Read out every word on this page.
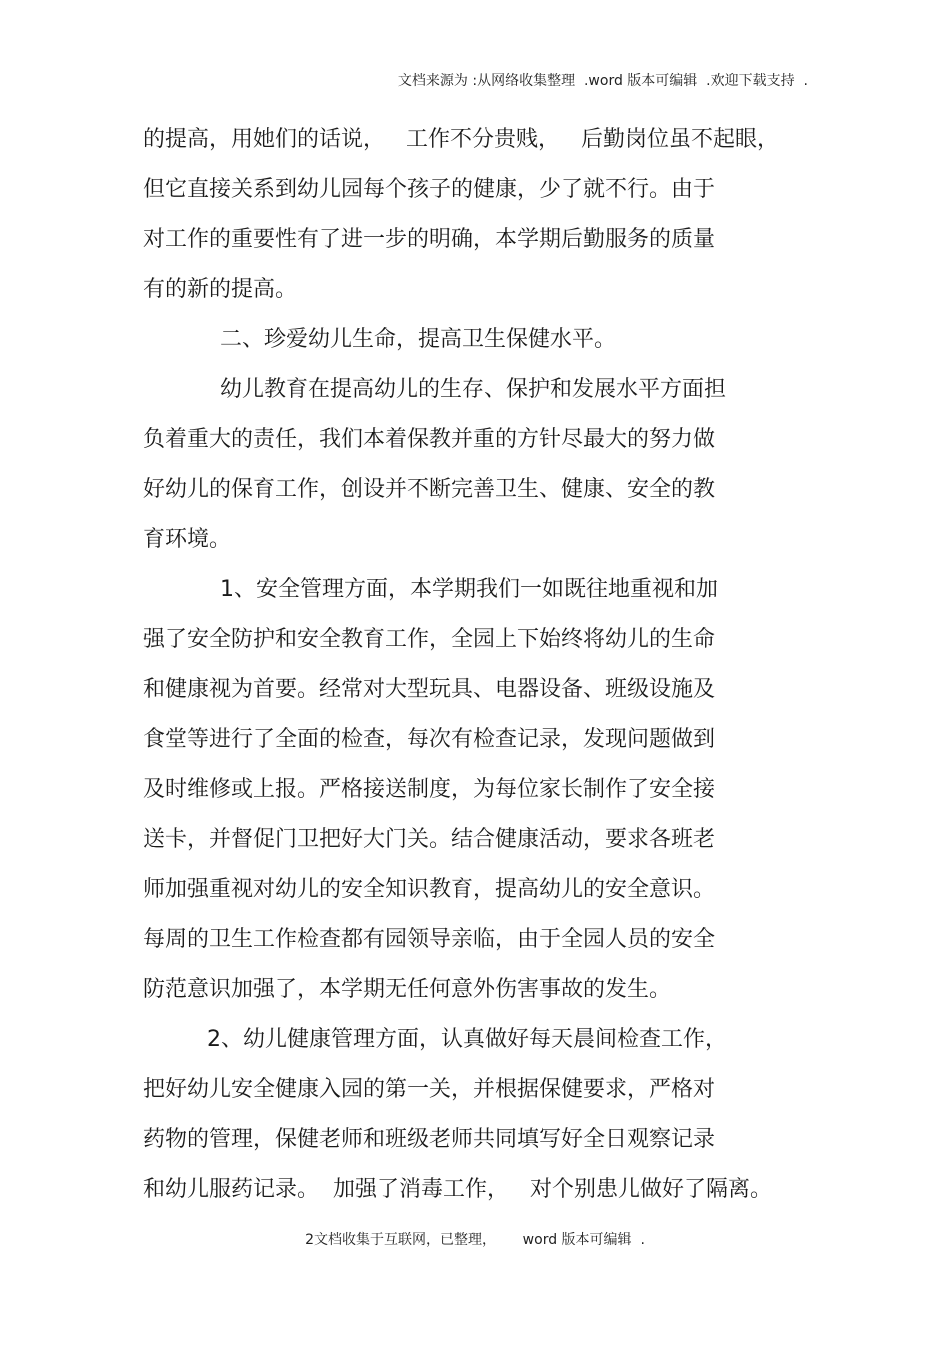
文档来源为 :从网络收集整理  .word 版本可编辑  .欢迎下载支持  .
的提高，用她们的话说，   工作不分贵贱，   后勤岗位虽不起眼，
但它直接关系到幼儿园每个孩子的健康，少了就不行。由于
对工作的重要性有了进一步的明确，本学期后勤服务的质量
有的新的提高。
二、珍爱幼儿生命，提高卫生保健水平。
幼儿教育在提高幼儿的生存、保护和发展水平方面担
负着重大的责任，我们本着保教并重的方针尽最大的努力做
好幼儿的保育工作，创设并不断完善卫生、健康、安全的教
育环境。
1、安全管理方面，本学期我们一如既往地重视和加
强了安全防护和安全教育工作，全园上下始终将幼儿的生命
和健康视为首要。经常对大型玩具、电器设备、班级设施及
食堂等进行了全面的检查，每次有检查记录，发现问题做到
及时维修或上报。严格接送制度，为每位家长制作了安全接
送卡，并督促门卫把好大门关。结合健康活动，要求各班老
师加强重视对幼儿的安全知识教育，提高幼儿的安全意识。
每周的卫生工作检查都有园领导亲临，由于全园人员的安全
防范意识加强了，本学期无任何意外伤害事故的发生。
2、幼儿健康管理方面，认真做好每天晨间检查工作，
把好幼儿安全健康入园的第一关，并根据保健要求，严格对
药物的管理，保健老师和班级老师共同填写好全日观察记录
和幼儿服药记录。  加强了消毒工作，   对个别患儿做好了隔离。
2文档收集于互联网，已整理，      word 版本可编辑  .
